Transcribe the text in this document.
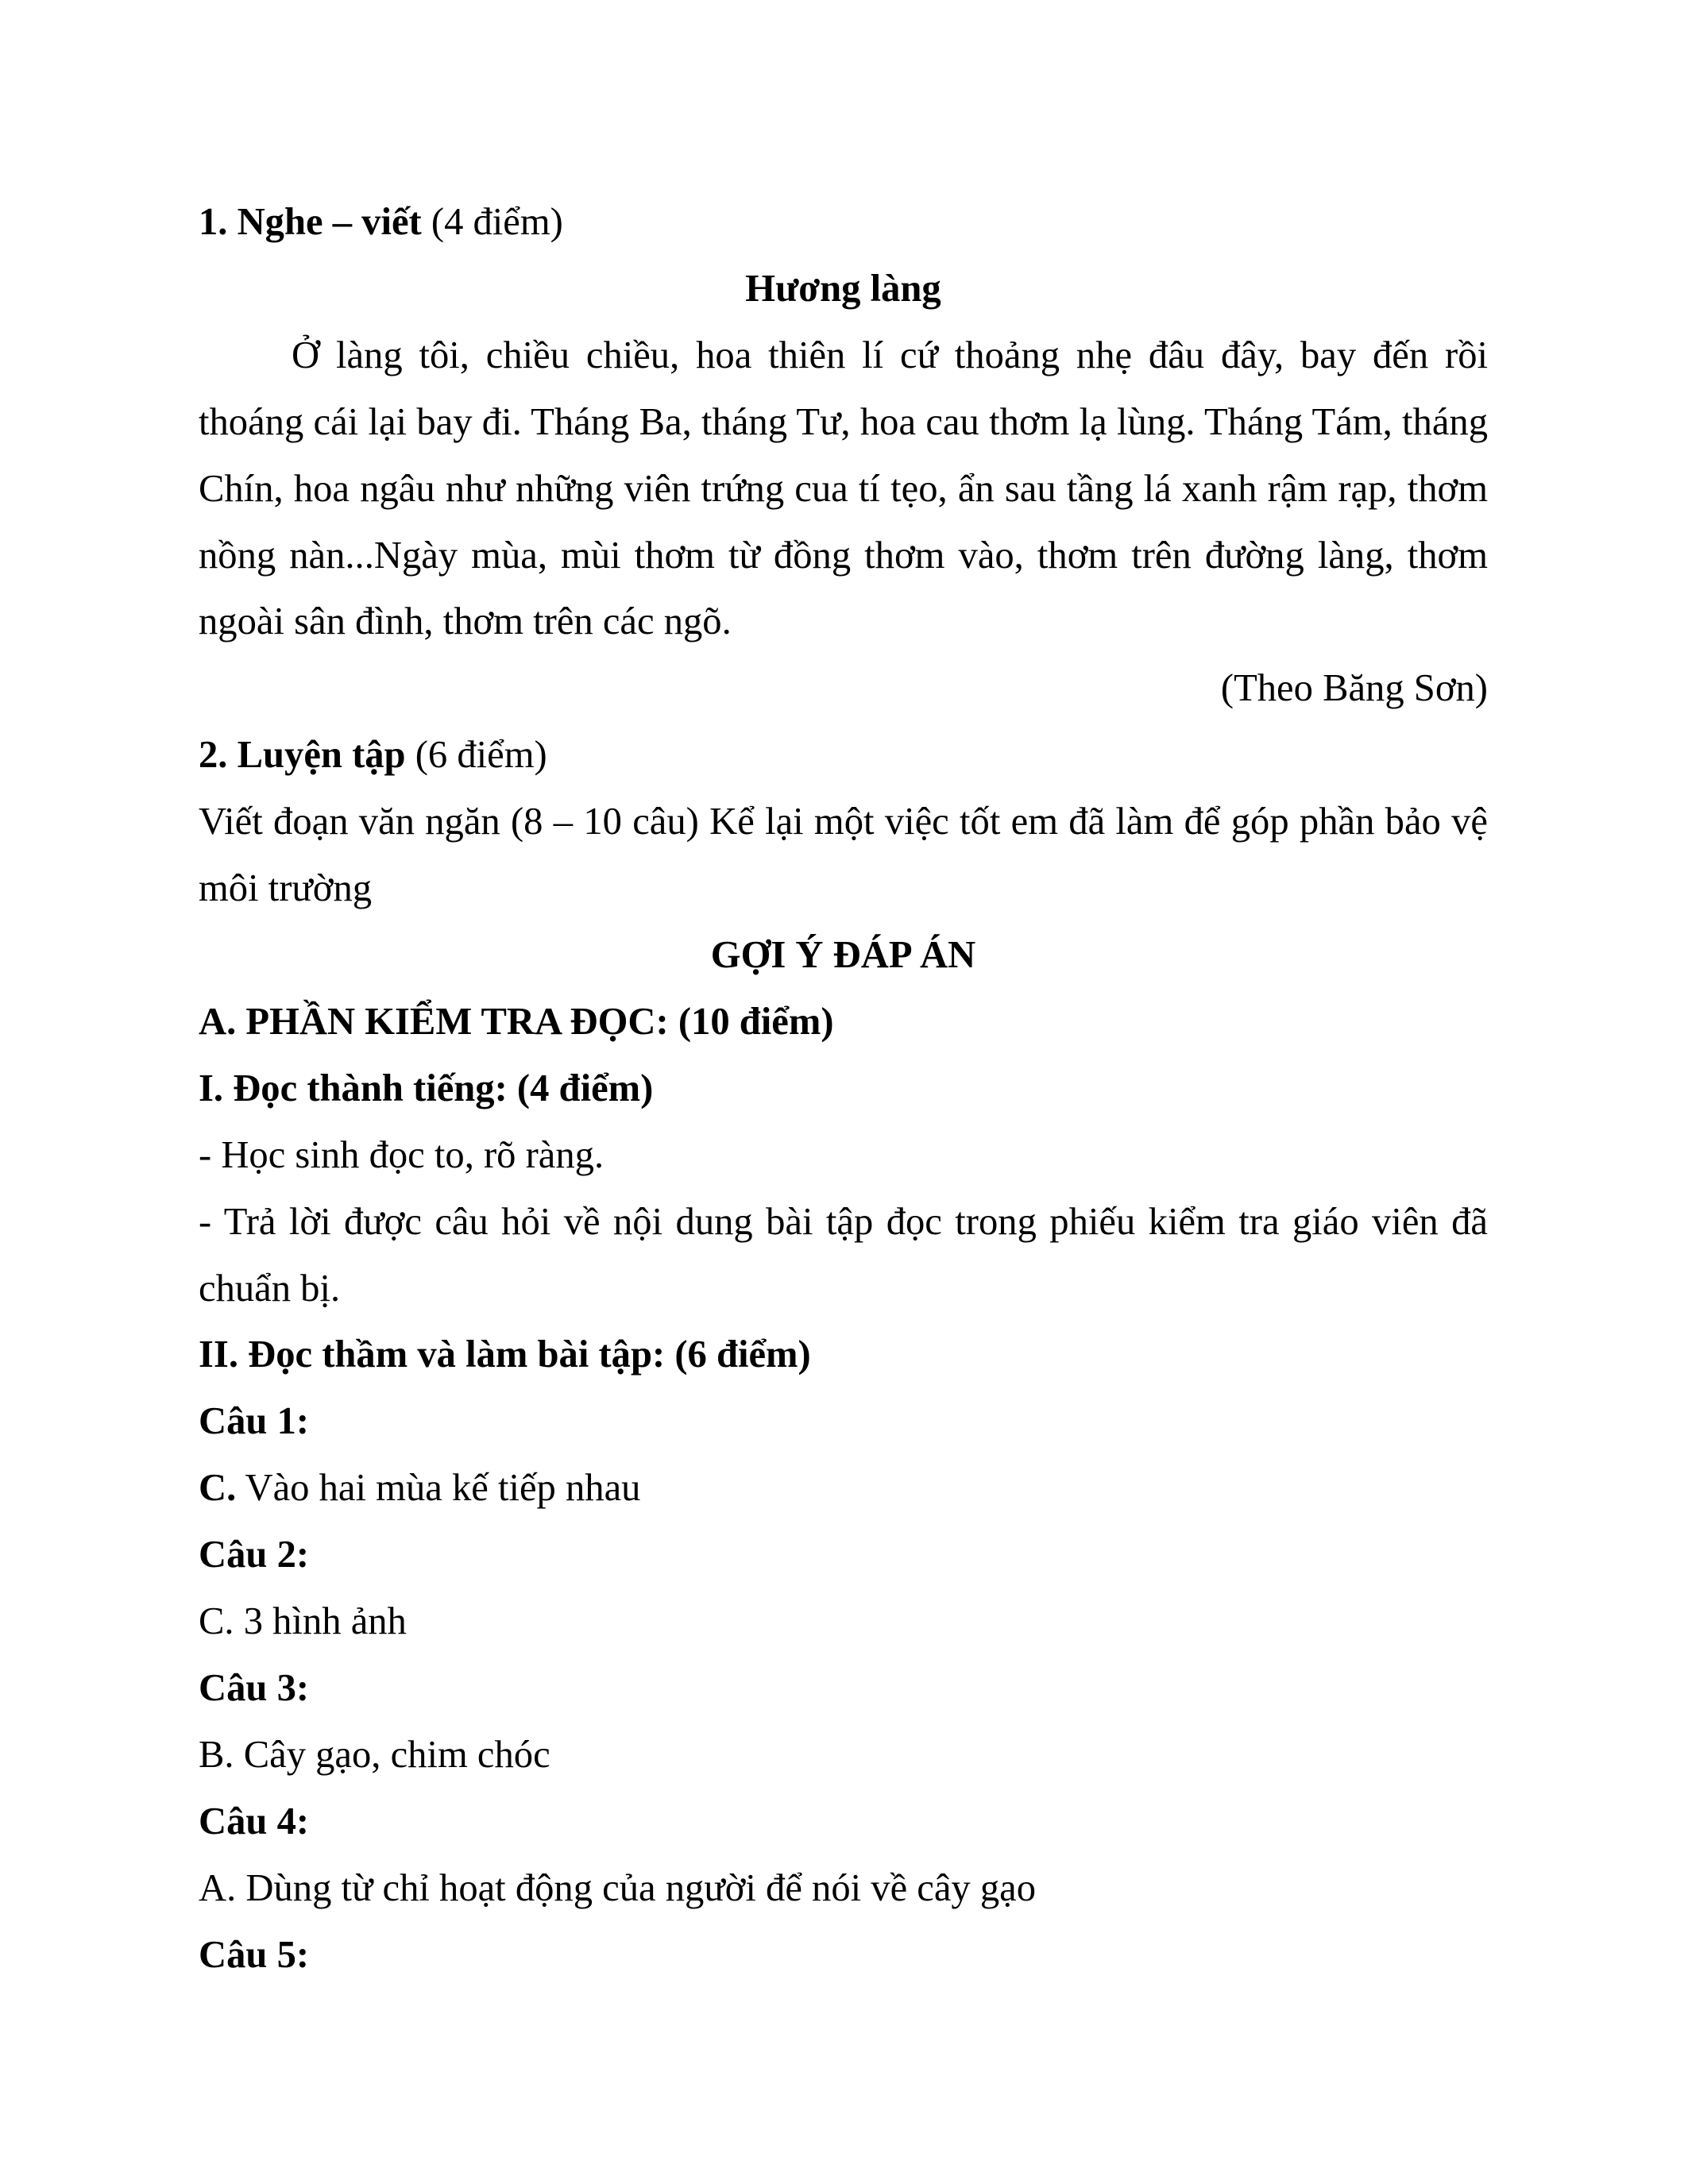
1. Nghe – viết (4 điểm)

Hương làng

Ở làng tôi, chiều chiều, hoa thiên lí cứ thoảng nhẹ đâu đây, bay đến rồi thoáng cái lại bay đi. Tháng Ba, tháng Tư, hoa cau thơm lạ lùng. Tháng Tám, tháng Chín, hoa ngâu như những viên trứng cua tí tẹo, ẩn sau tầng lá xanh rậm rạp, thơm nồng nàn...Ngày mùa, mùi thơm từ đồng thơm vào, thơm trên đường làng, thơm ngoài sân đình, thơm trên các ngõ.

(Theo Băng Sơn)

2. Luyện tập (6 điểm)

Viết đoạn văn ngăn (8 – 10 câu) Kể lại một việc tốt em đã làm để góp phần bảo vệ môi trường

GỢI Ý ĐÁP ÁN

A. PHẦN KIỂM TRA ĐỌC: (10 điểm)

I. Đọc thành tiếng: (4 điểm)

- Học sinh đọc to, rõ ràng.

- Trả lời được câu hỏi về nội dung bài tập đọc trong phiếu kiểm tra giáo viên đã chuẩn bị.

II. Đọc thầm và làm bài tập: (6 điểm)

Câu 1:

C. Vào hai mùa kế tiếp nhau

Câu 2:

C. 3 hình ảnh

Câu 3:

B. Cây gạo, chim chóc

Câu 4:

A. Dùng từ chỉ hoạt động của người để nói về cây gạo

Câu 5:
